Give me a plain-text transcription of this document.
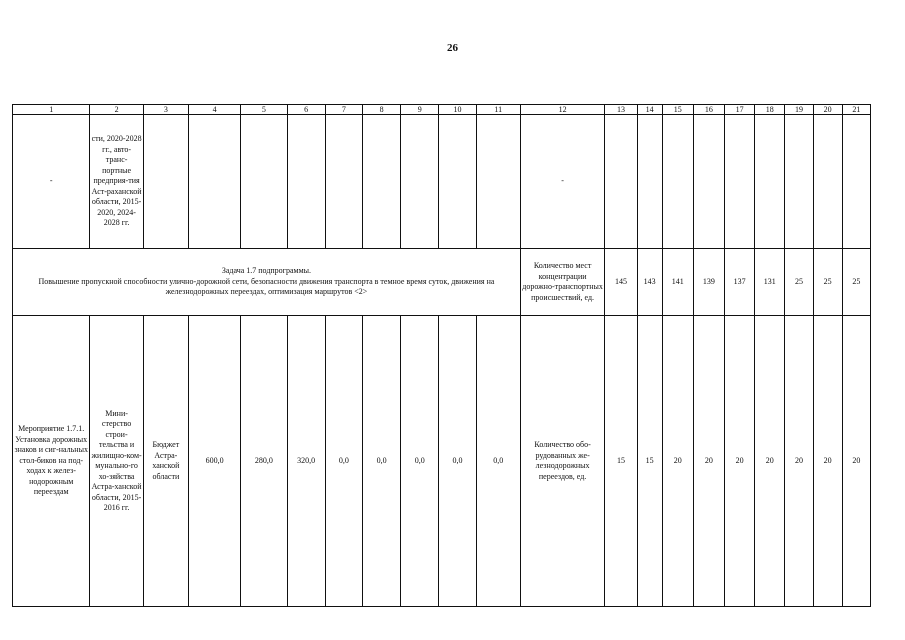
26
1	2	3	4	5	6	7	8	9	10	11	12	13	14	15	16	17	18	19	20	21
-	сти, 2020-2028 гг., авто-транс-портные предприя-тия Аст-раханской области, 2015-2020, 2024-2028 гг.										-									

Задача 1.7 подпрограммы.
Повышение пропускной способности улично-дорожной сети, безопасности движения транспорта в темное время суток, движения на железнодорожных переездах, оптимизация маршрутов <2>											Количество мест концентрации дорожно-транспортных происшествий, ед.	145	143	141	139	137	131	25	25	25
Мероприятие 1.7.1. Установка дорожных знаков и сиг-нальных стол-биков на под-ходах к желез-нодорожным переездам	Мини-стерство строи-тельства и жилищно-ком-мунально-го хо-зяйства Астра-ханской области, 2015-2016 гг.	Бюджет Астра-ханской области	600,0	280,0	320,0	0,0	0,0	0,0	0,0	0,0	Количество обо-рудованных же-лезнодорожных переездов, ед.	15	15	20	20	20	20	20	20	20
